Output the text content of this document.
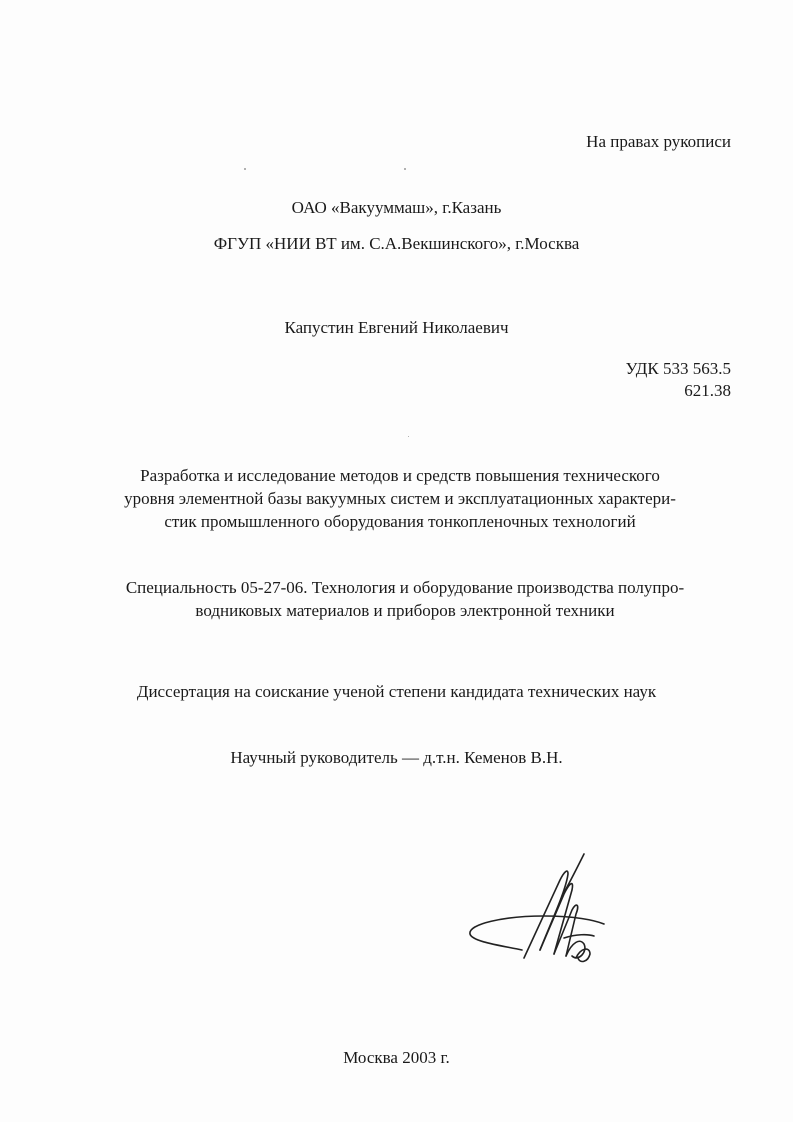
На правах рукописи
ОАО «Вакууммаш», г.Казань
ФГУП «НИИ ВТ им. С.А.Векшинского», г.Москва
Капустин Евгений Николаевич
УДК 533 563.5
621.38
Разработка и исследование методов и средств повышения технического
уровня элементной базы вакуумных систем и эксплуатационных характери-
стик промышленного оборудования тонкопленочных технологий
Специальность 05-27-06. Технология и оборудование производства полупро-
водниковых материалов и приборов электронной техники
Диссертация на соискание ученой степени кандидата технических наук
Научный руководитель — д.т.н. Кеменов В.Н.
Москва 2003 г.
